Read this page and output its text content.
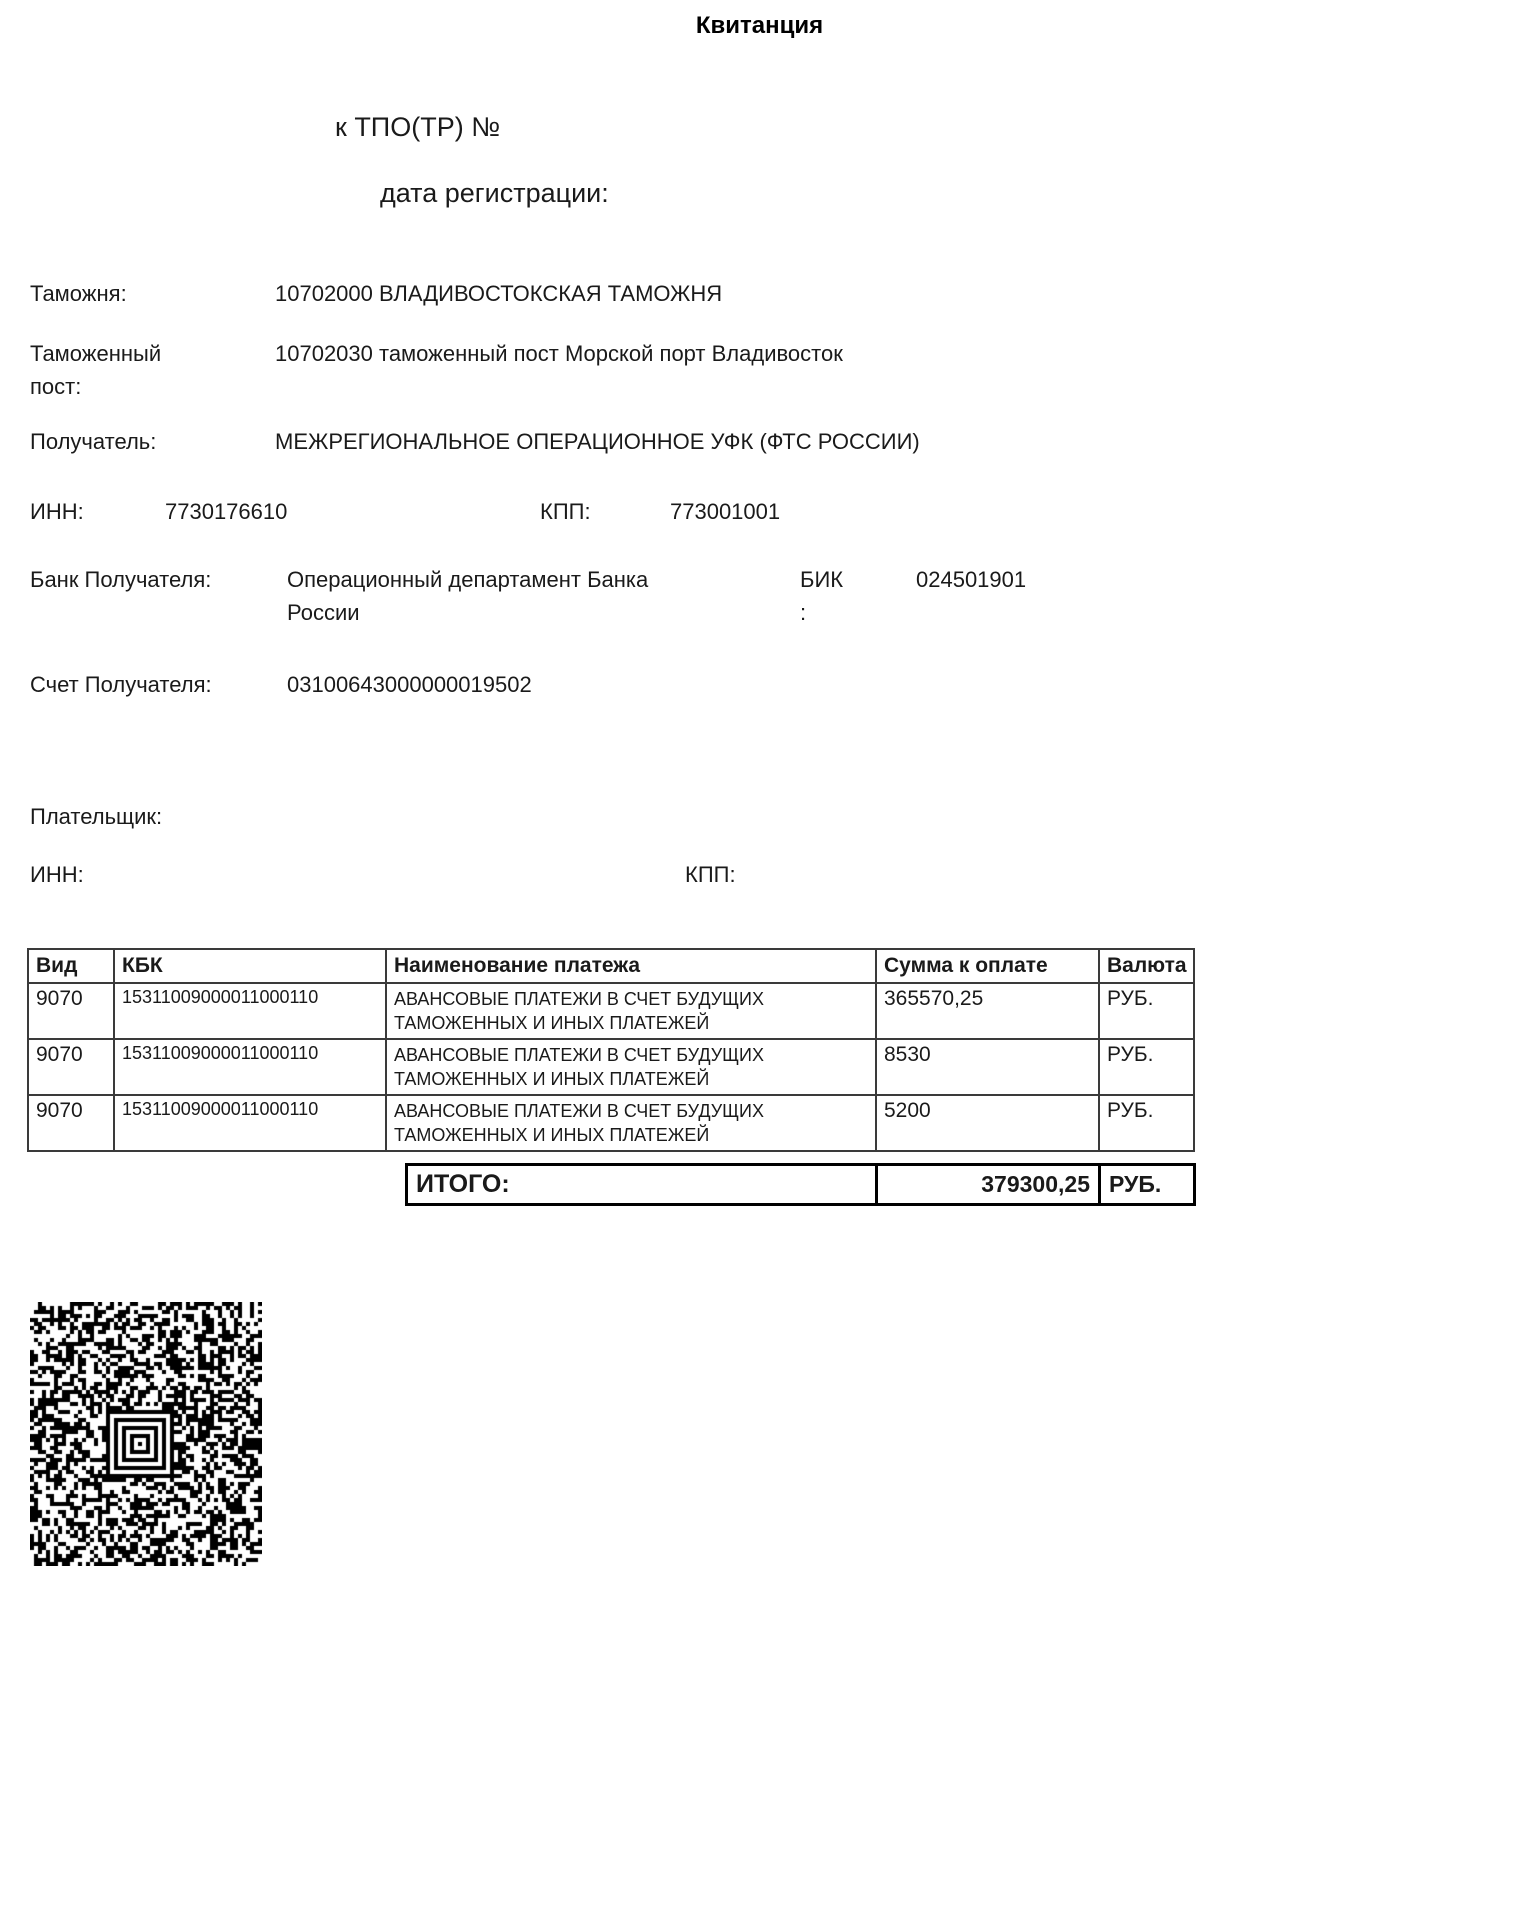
Квитанция
к ТПО(ТР) №
дата регистрации:
Таможня:	10702000 ВЛАДИВОСТОКСКАЯ ТАМОЖНЯ
Таможенный пост:
10702030 таможенный пост Морской порт Владивосток
Получатель:	МЕЖРЕГИОНАЛЬНОЕ ОПЕРАЦИОННОЕ УФК (ФТС РОССИИ)
ИНН:	7730176610	КПП:	773001001
Банк Получателя:	Операционный департамент Банка России
БИК :
024501901
Счет Получателя:	03100643000000019502
Плательщик:
ИНН:	КПП:
Вид	КБК	Наименование платежа	Сумма к оплате	Валюта
9070	15311009000011000110	АВАНСОВЫЕ ПЛАТЕЖИ В СЧЕТ БУДУЩИХ ТАМОЖЕННЫХ И ИНЫХ ПЛАТЕЖЕЙ	365570,25	РУБ.
9070	15311009000011000110	АВАНСОВЫЕ ПЛАТЕЖИ В СЧЕТ БУДУЩИХ ТАМОЖЕННЫХ И ИНЫХ ПЛАТЕЖЕЙ	8530	РУБ.
9070	15311009000011000110	АВАНСОВЫЕ ПЛАТЕЖИ В СЧЕТ БУДУЩИХ ТАМОЖЕННЫХ И ИНЫХ ПЛАТЕЖЕЙ	5200	РУБ.
ИТОГО:	379300,25	РУБ.
